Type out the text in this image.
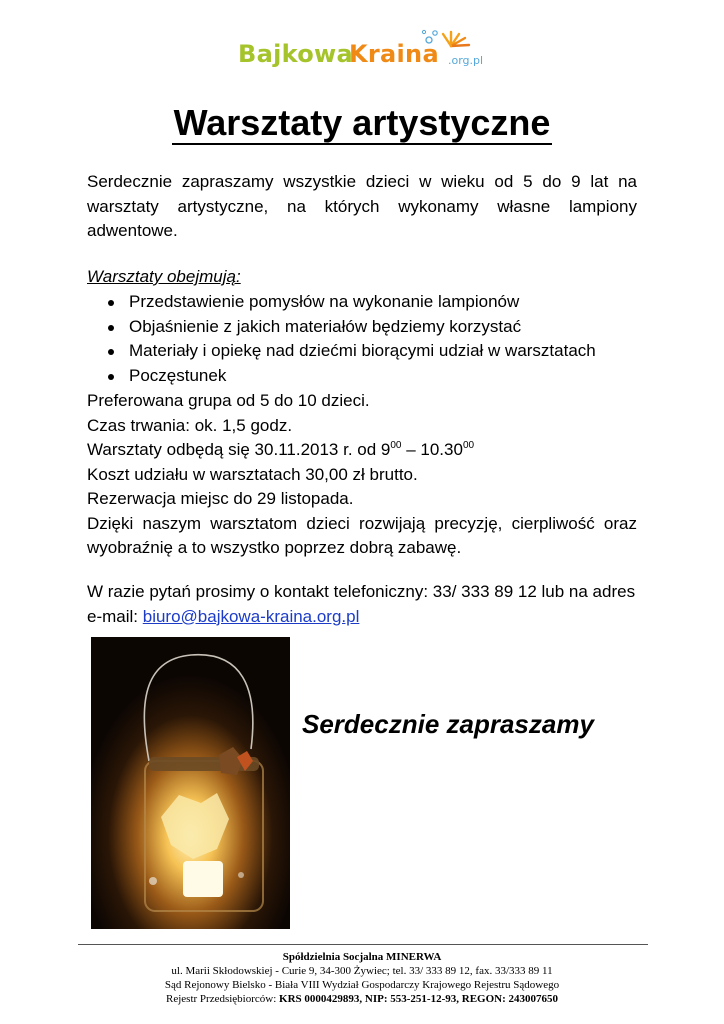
Bajkowa
Kraina .org.pl
Warsztaty artystyczne
Serdecznie zapraszamy wszystkie dzieci w wieku od 5 do 9 lat na warsztaty artystyczne, na których wykonamy własne lampiony adwentowe.
Warsztaty obejmują:
Przedstawienie pomysłów na wykonanie lampionów
Objaśnienie z jakich materiałów będziemy korzystać
Materiały i opiekę nad dziećmi biorącymi udział w warsztatach
Poczęstunek
Preferowana grupa od 5 do 10 dzieci.
Czas trwania: ok. 1,5 godz.
Warsztaty odbędą się 30.11.2013 r. od $9^{00} - 10.30^{00}$
Koszt udziału w warsztatach 30,00 zł brutto.
Rezerwacja miejsc do 29 listopada.
Dzięki naszym warsztatom dzieci rozwijają precyzję, cierpliwość oraz wyobraźnię a to wszystko poprzez dobrą zabawę.
W razie pytań prosimy o kontakt telefoniczny: 33/ 333 89 12 lub na adres e-mail: biuro@bajkowa-kraina.org.pl

Serdecznie zapraszamy

Spółdzielnia Socjalna MINERWA
ul. Marii Skłodowskiej - Curie 9, 34-300 Żywiec; tel. 33/ 333 89 12, fax. 33/333 89 11
Sąd Rejonowy Bielsko - Biała VIII Wydział Gospodarczy Krajowego Rejestru Sądowego
Rejestr Przedsiębiorców: KRS 0000429893, NIP: 553-251-12-93, REGON: 243007650
